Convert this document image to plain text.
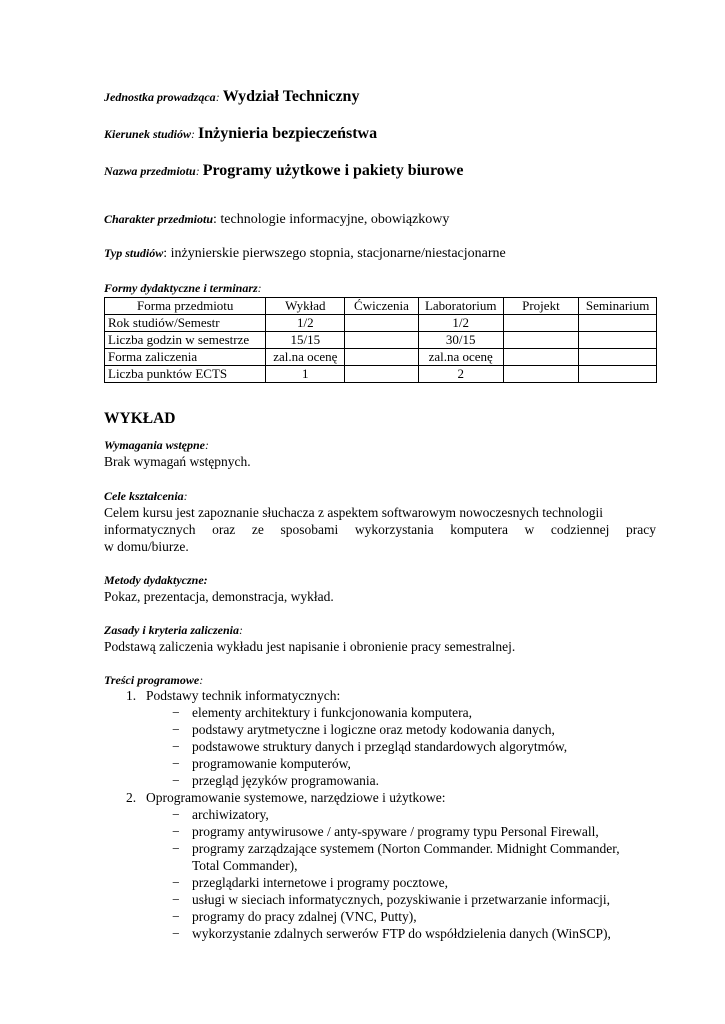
Jednostka prowadząca: Wydział Techniczny
Kierunek studiów: Inżynieria bezpieczeństwa
Nazwa przedmiotu: Programy użytkowe i pakiety biurowe
Charakter przedmiotu: technologie informacyjne, obowiązkowy
Typ studiów: inżynierskie pierwszego stopnia, stacjonarne/niestacjonarne
Formy dydaktyczne i terminarz:
Forma przedmiotu	Wykład	Ćwiczenia	Laboratorium	Projekt	Seminarium
Rok studiów/Semestr	1/2		1/2		
Liczba godzin w semestrze	15/15		30/15		
Forma zaliczenia	zal.na ocenę		zal.na ocenę		
Liczba punktów ECTS	1		2		
WYKŁAD
Wymagania wstępne:
Brak wymagań wstępnych.
Cele kształcenia:
Celem kursu jest zapoznanie słuchacza z aspektem softwarowym nowoczesnych technologii
informatycznych oraz ze sposobami wykorzystania komputera w codziennej pracy
w domu/biurze.
Metody dydaktyczne:
Pokaz, prezentacja, demonstracja, wykład.
Zasady i kryteria zaliczenia:
Podstawą zaliczenia wykładu jest napisanie i obronienie pracy semestralnej.
Treści programowe:
1. Podstawy technik informatycznych:
− elementy architektury i funkcjonowania komputera,
− podstawy arytmetyczne i logiczne oraz metody kodowania danych,
− podstawowe struktury danych i przegląd standardowych algorytmów,
− programowanie komputerów,
− przegląd języków programowania.
2. Oprogramowanie systemowe, narzędziowe i użytkowe:
− archiwizatory,
− programy antywirusowe / anty-spyware / programy typu Personal Firewall,
− programy zarządzające systemem (Norton Commander. Midnight Commander,
Total Commander),
− przeglądarki internetowe i programy pocztowe,
− usługi w sieciach informatycznych, pozyskiwanie i przetwarzanie informacji,
− programy do pracy zdalnej (VNC, Putty),
− wykorzystanie zdalnych serwerów FTP do współdzielenia danych (WinSCP),
